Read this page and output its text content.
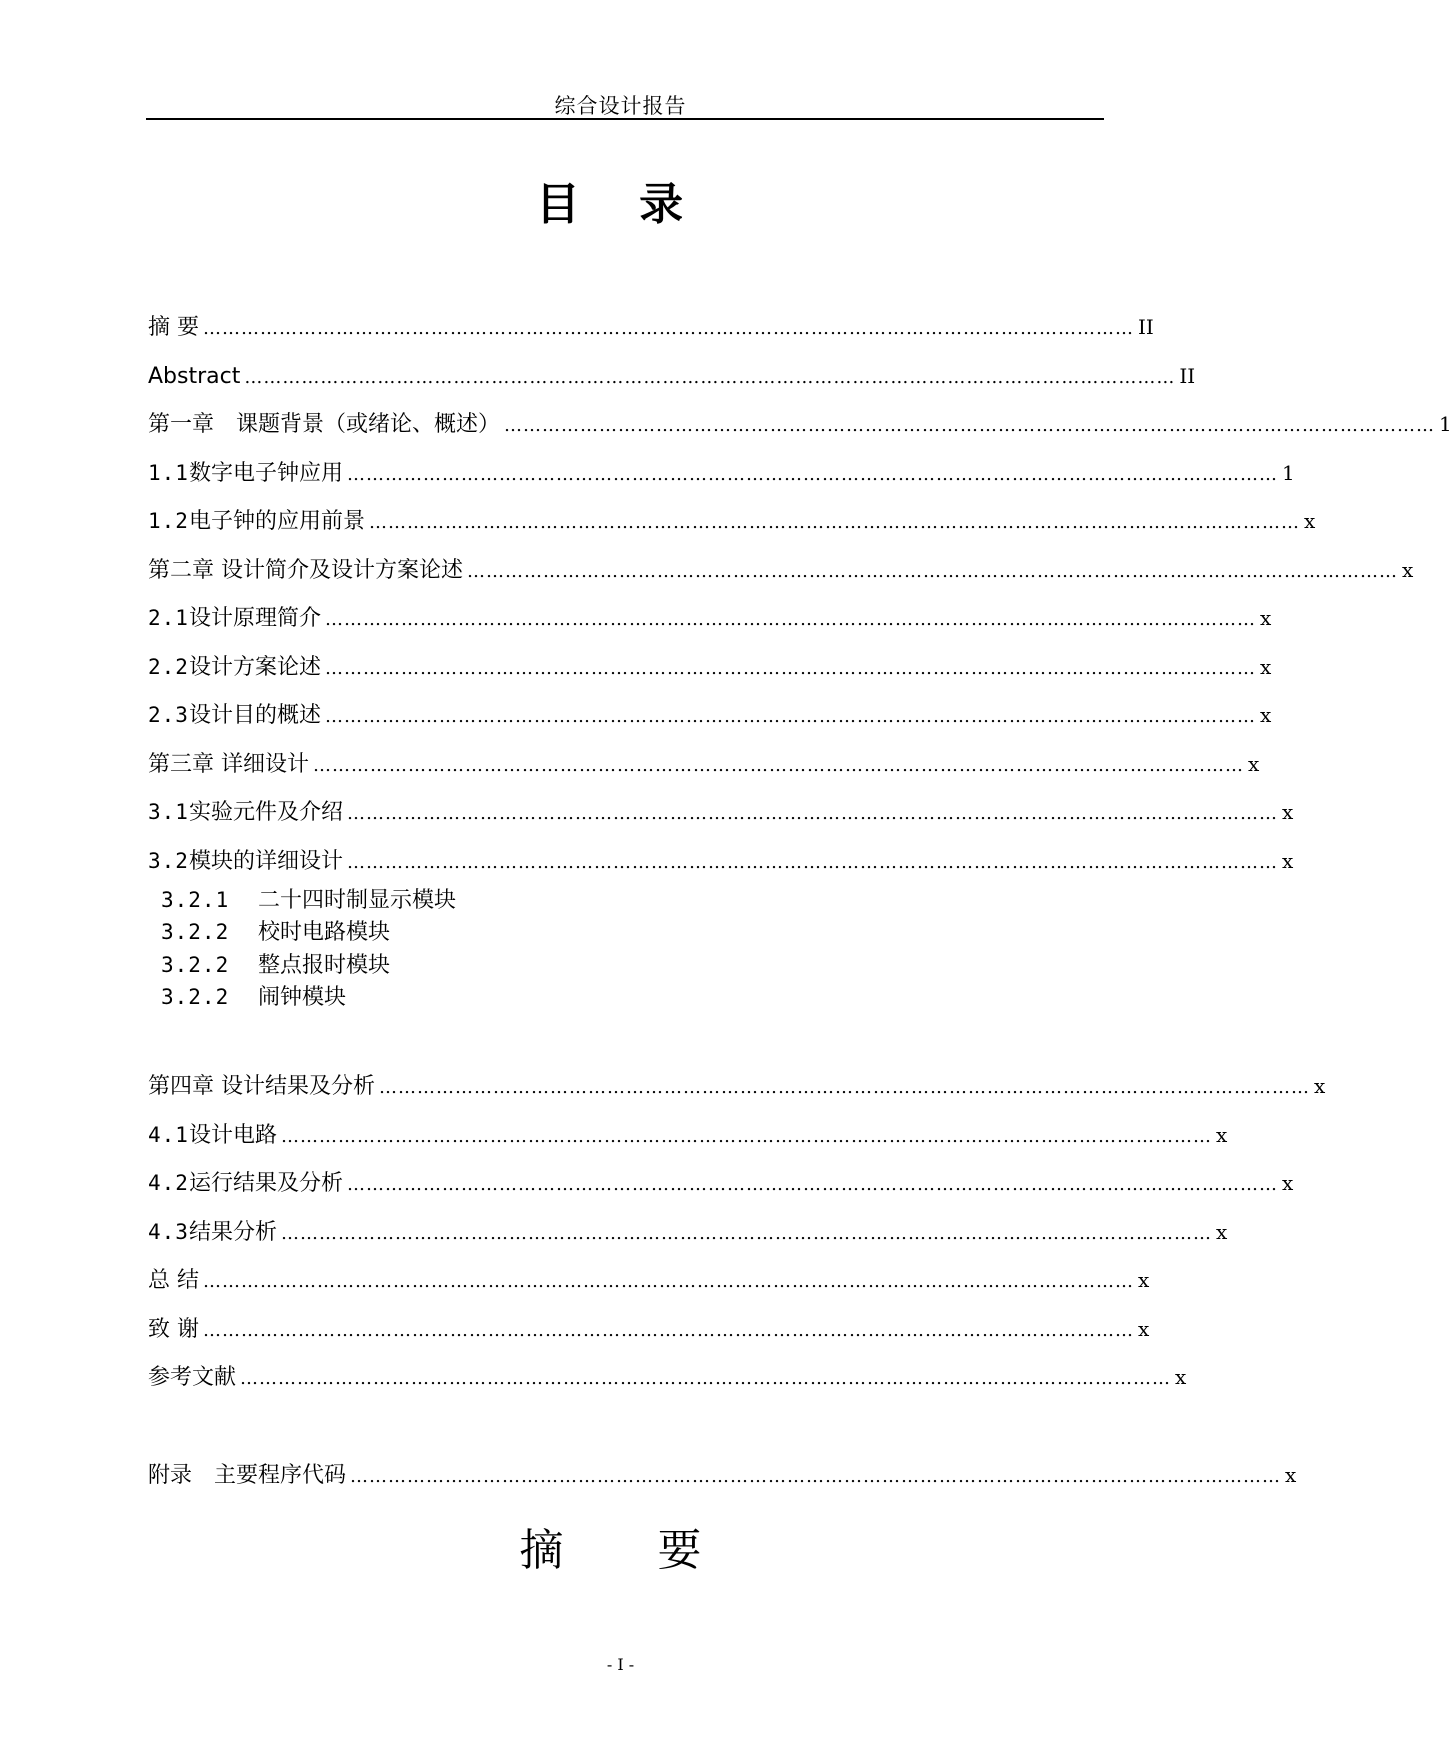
综合设计报告
目 录
摘 要 ………………………………………………………………………………………………………………………………… II
Abstract ………………………………………………………………………………………………………………………………… II
第一章　课题背景（或绪论、概述） ………………………………………………………………………………………………………………………………… 1
1.1 数字电子钟应用 ………………………………………………………………………………………………………………………………… 1
1.2 电子钟的应用前景 ………………………………………………………………………………………………………………………………… x
第二章 设计简介及设计方案论述 ………………………………………………………………………………………………………………………………… x
2.1 设计原理简介 ………………………………………………………………………………………………………………………………… x
2.2 设计方案论述 ………………………………………………………………………………………………………………………………… x
2.3 设计目的概述 ………………………………………………………………………………………………………………………………… x
第三章 详细设计 ………………………………………………………………………………………………………………………………… x
3.1 实验元件及介绍 ………………………………………………………………………………………………………………………………… x
3.2 模块的详细设计 ………………………………………………………………………………………………………………………………… x
3.2.1 二十四时制显示模块
3.2.2 校时电路模块
3.2.2 整点报时模块
3.2.2 闹钟模块
第四章 设计结果及分析 ………………………………………………………………………………………………………………………………… x
4.1 设计电路 ………………………………………………………………………………………………………………………………… x
4.2 运行结果及分析 ………………………………………………………………………………………………………………………………… x
4.3 结果分析 ………………………………………………………………………………………………………………………………… x
总 结 ………………………………………………………………………………………………………………………………… x
致 谢 ………………………………………………………………………………………………………………………………… x
参考文献 ………………………………………………………………………………………………………………………………… x
附录　主要程序代码 ………………………………………………………………………………………………………………………………… x
摘 要
- I -
